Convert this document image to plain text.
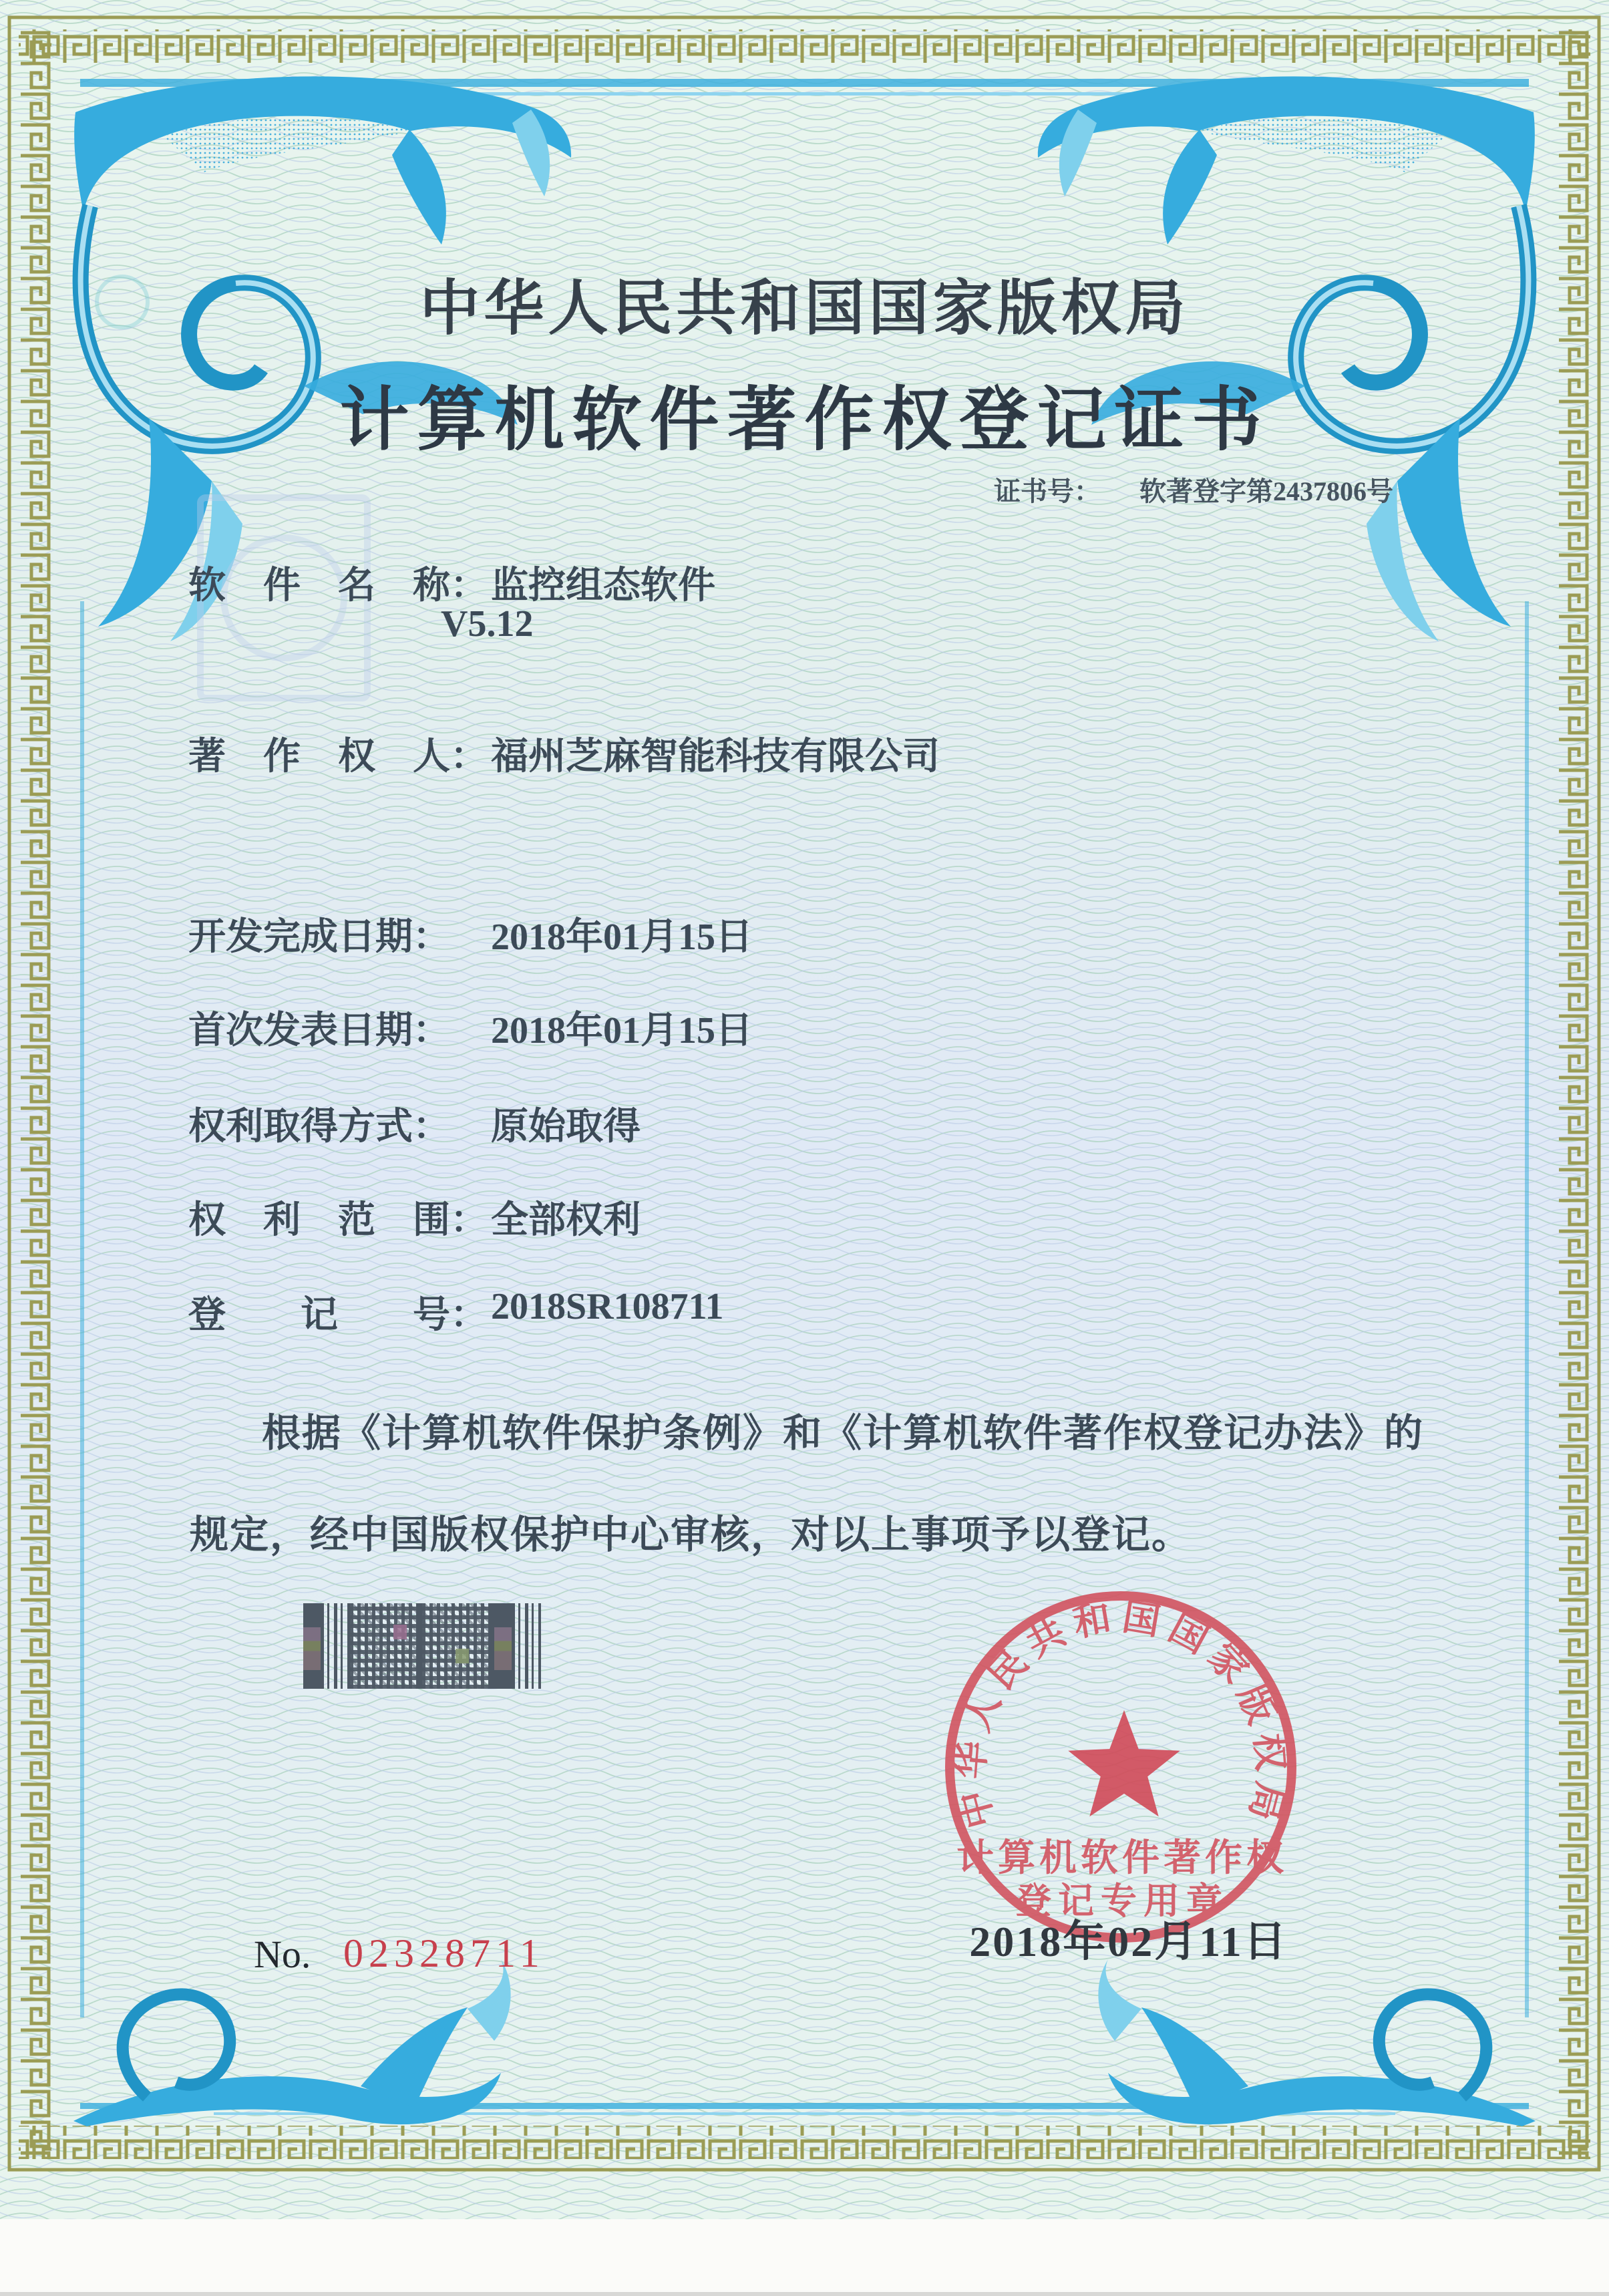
中华人民共和国国家版权局
计算机软件著作权登记证书
证书号： 软著登字第2437806号
软　件　名　称： 监控组态软件
V5.12
著　作　权　人： 福州芝麻智能科技有限公司
开发完成日期： 2018年01月15日
首次发表日期： 2018年01月15日
权利取得方式： 原始取得
权　利　范　围： 全部权利
登　　记　　号： 2018SR108711
根据《计算机软件保护条例》和《计算机软件著作权登记办法》的
规定，经中国版权保护中心审核，对以上事项予以登记。
中华人民共和国国家版权局
计算机软件著作权
登记专用章
2018年02月11日
No. 02328711
